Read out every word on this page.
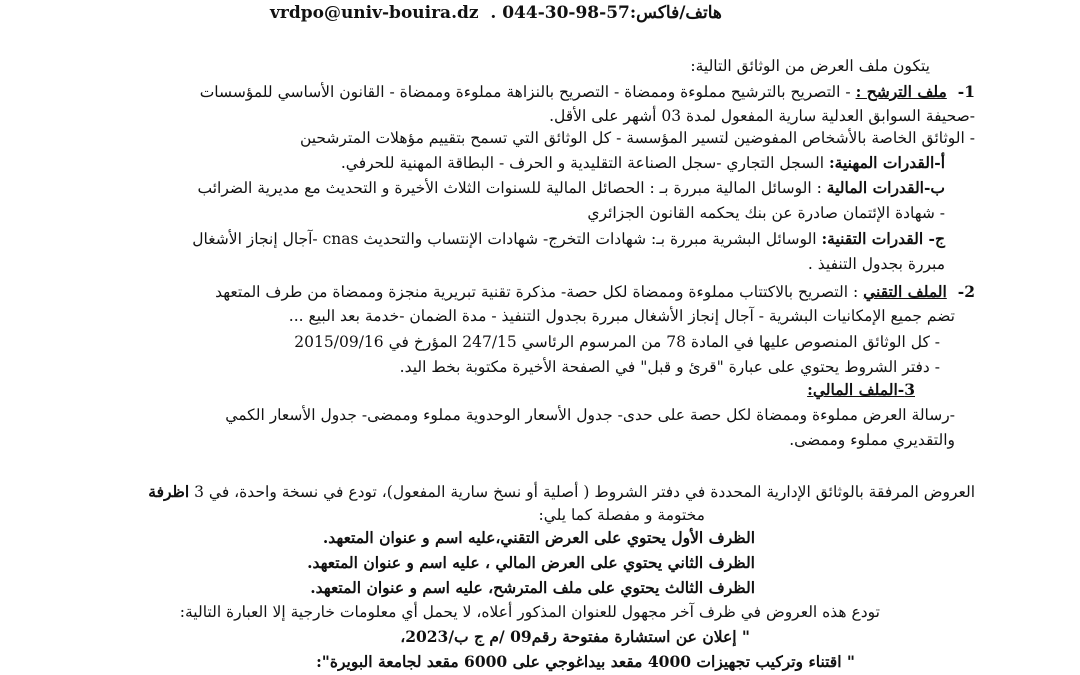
vrdpo@univ-bouira.dz . 044-30-98-57:هاتف/فاكس
يتكون ملف العرض من الوثائق التالية:
1- ملف الترشح : - التصريح بالترشيح مملوءة وممضاة - التصريح بالنزاهة مملوءة وممضاة - القانون الأساسي للمؤسسات
-صحيفة السوابق العدلية سارية المفعول لمدة 03 أشهر على الأقل.
- الوثائق الخاصة بالأشخاص المفوضين لتسير المؤسسة - كل الوثائق التي تسمح بتقييم مؤهلات المترشحين
أ-القدرات المهنية: السجل التجاري -سجل الصناعة التقليدية و الحرف - البطاقة المهنية للحرفي.
ب-القدرات المالية : الوسائل المالية مبررة بـ : الحصائل المالية للسنوات الثلاث الأخيرة و التحديث مع مديرية الضرائب
- شهادة الإئتمان صادرة عن بنك يحكمه القانون الجزائري
ج- القدرات التقنية: الوسائل البشرية مبررة بـ: شهادات التخرج- شهادات الإنتساب والتحديث cnas -آجال إنجاز الأشغال
مبررة بجدول التنفيذ .
2- الملف التقني : التصريح بالاكتتاب مملوءة وممضاة لكل حصة- مذكرة تقنية تبريرية منجزة وممضاة من طرف المتعهد
تضم جميع الإمكانيات البشرية - آجال إنجاز الأشغال مبررة بجدول التنفيذ - مدة الضمان -خدمة بعد البيع ...
- كل الوثائق المنصوص عليها في المادة 78 من المرسوم الرئاسي 247/15 المؤرخ في 2015/09/16
- دفتر الشروط يحتوي على عبارة "قرئ و قبل" في الصفحة الأخيرة مكتوبة بخط اليد.
3-الملف المالي:
-رسالة العرض مملوءة وممضاة لكل حصة على حدى- جدول الأسعار الوحدوية مملوء وممضى- جدول الأسعار الكمي
والتقديري مملوء وممضى.
العروض المرفقة بالوثائق الإدارية المحددة في دفتر الشروط ( أصلية أو نسخ سارية المفعول)، تودع في نسخة واحدة، في 3 اظرفة
مختومة و مفصلة كما يلي:
الظرف الأول يحتوي على العرض التقني،عليه اسم و عنوان المتعهد.
الظرف الثاني يحتوي على العرض المالي ، عليه اسم و عنوان المتعهد.
الظرف الثالث يحتوي على ملف المترشح، عليه اسم و عنوان المتعهد.
تودع هذه العروض في ظرف آخر مجهول للعنوان المذكور أعلاه، لا يحمل أي معلومات خارجية إلا العبارة التالية:
" إعلان عن استشارة مفتوحة رقم09 /م ج ب/2023،
" اقتناء وتركيب تجهيزات 4000 مقعد بيداغوجي على 6000 مقعد لجامعة البويرة":
